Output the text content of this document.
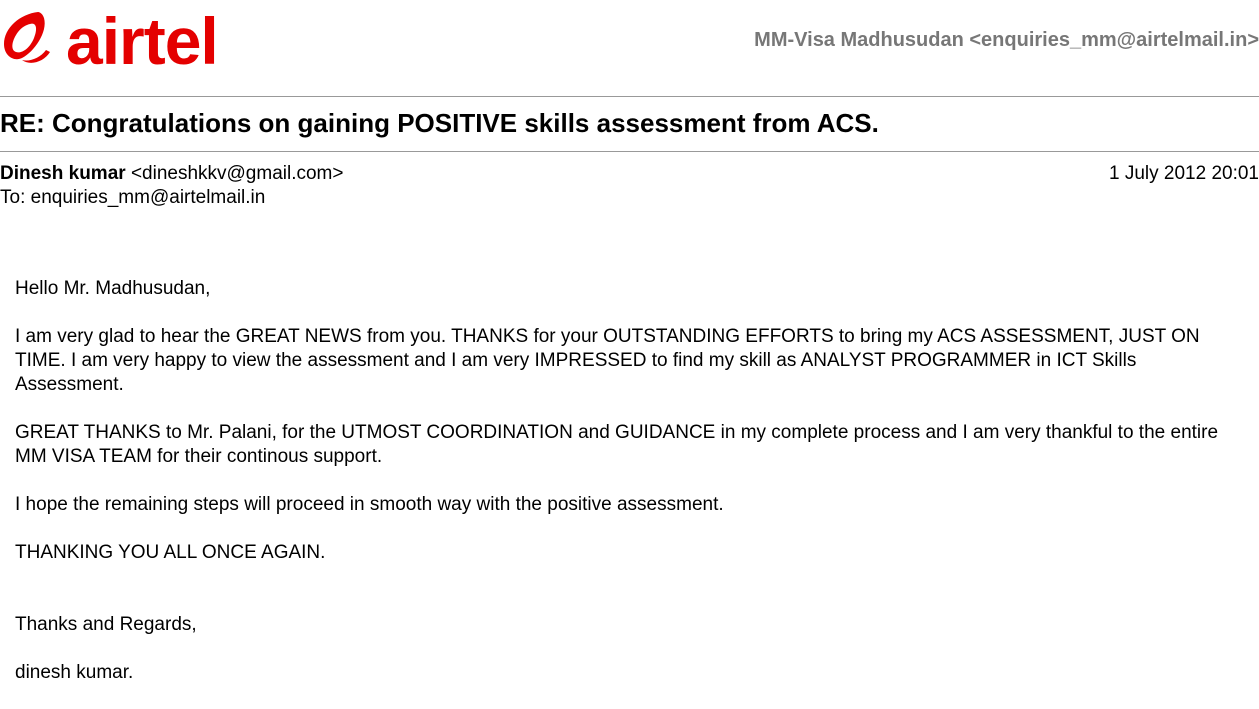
airtel	MM-Visa Madhusudan <enquiries_mm@airtelmail.in>
RE: Congratulations on gaining POSITIVE skills assessment from ACS.
Dinesh kumar <dineshkkv@gmail.com>	1 July 2012 20:01
To: enquiries_mm@airtelmail.in

Hello Mr. Madhusudan,

I am very glad to hear the GREAT NEWS from you. THANKS for your OUTSTANDING EFFORTS to bring my ACS ASSESSMENT, JUST ON TIME. I am very happy to view the assessment and I am very IMPRESSED to find my skill as ANALYST PROGRAMMER in ICT Skills Assessment.

GREAT THANKS to Mr. Palani, for the UTMOST COORDINATION and GUIDANCE in my complete process and I am very thankful to the entire MM VISA TEAM for their continous support.

I hope the remaining steps will proceed in smooth way with the positive assessment.

THANKING YOU ALL ONCE AGAIN.

Thanks and Regards,

dinesh kumar.
